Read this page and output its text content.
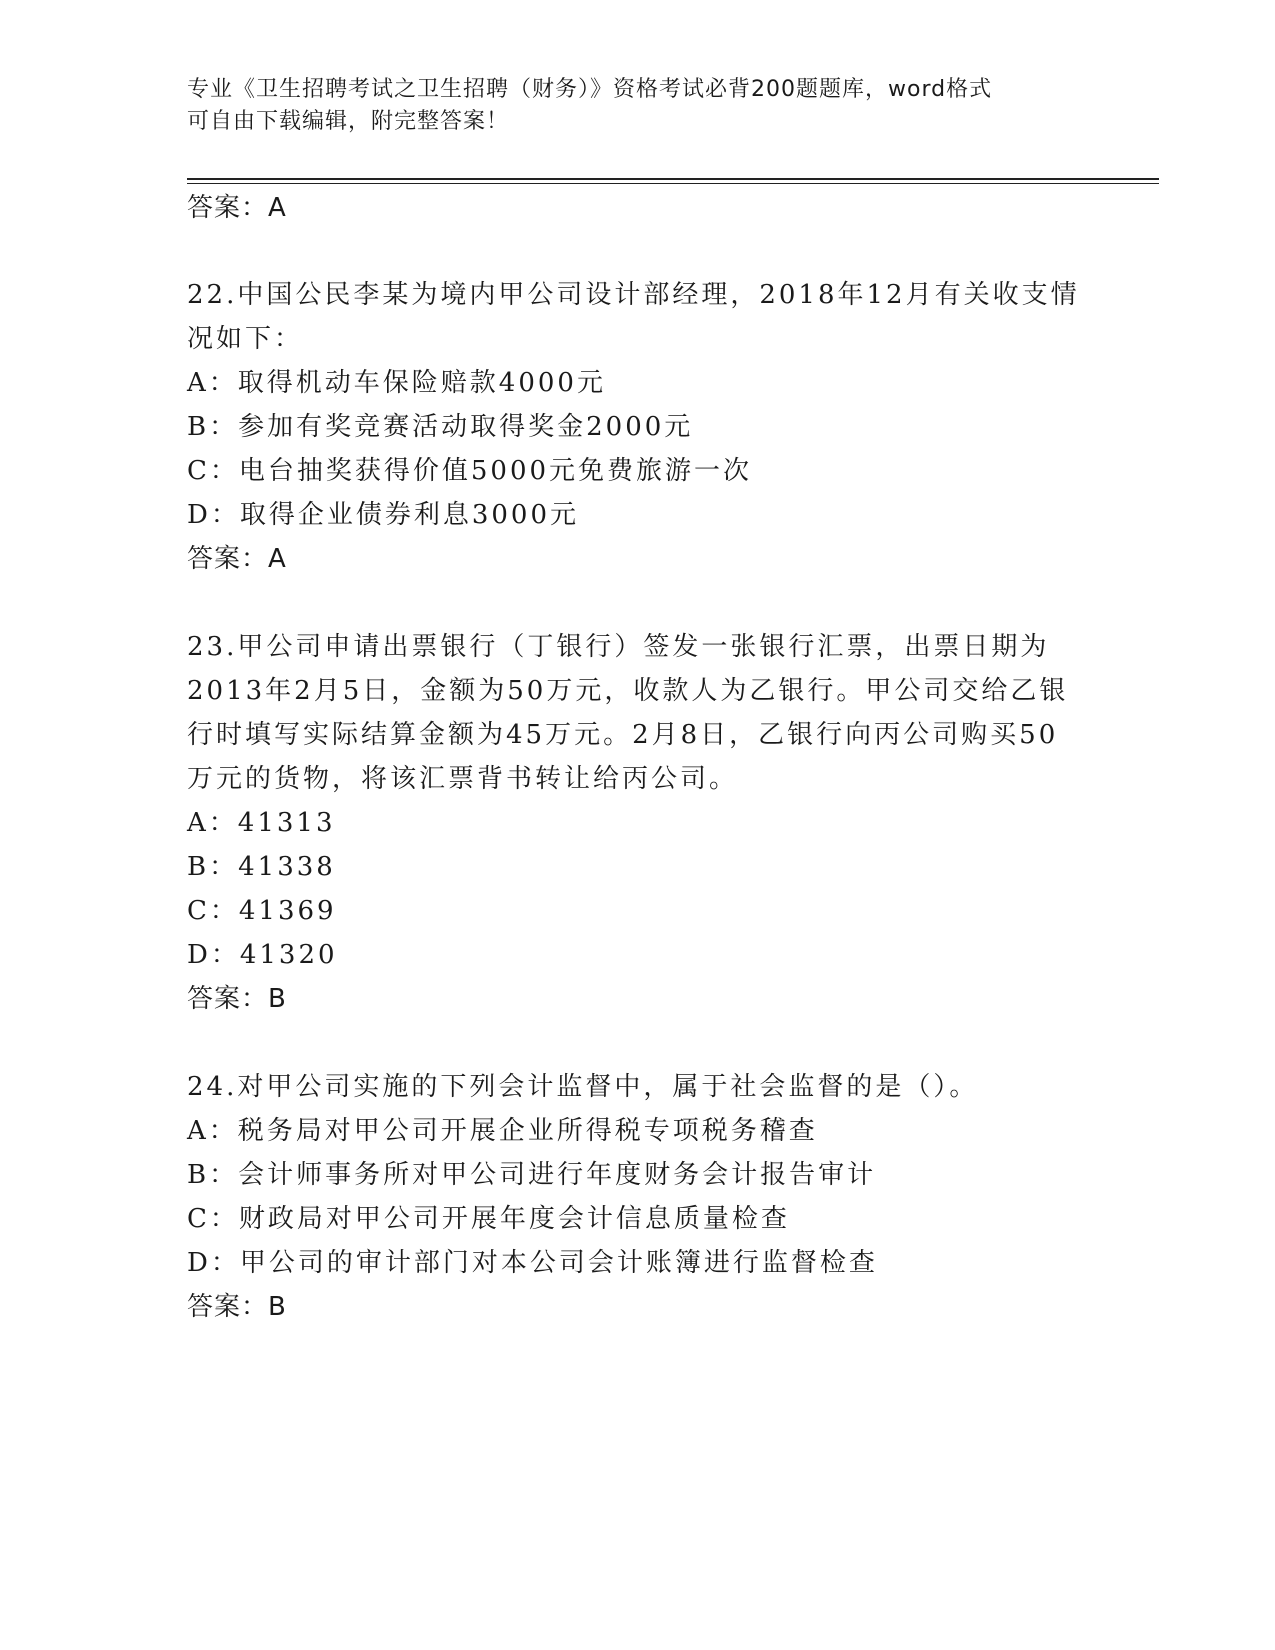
专业《卫生招聘考试之卫生招聘（财务）》资格考试必背200题题库，word格式
可自由下载编辑，附完整答案！
答案：A
22.中国公民李某为境内甲公司设计部经理，2018年12月有关收支情
况如下：
A：取得机动车保险赔款4000元
B：参加有奖竞赛活动取得奖金2000元
C：电台抽奖获得价值5000元免费旅游一次
D：取得企业债券利息3000元
答案：A
23.甲公司申请出票银行（丁银行）签发一张银行汇票，出票日期为
2013年2月5日，金额为50万元，收款人为乙银行。甲公司交给乙银
行时填写实际结算金额为45万元。2月8日，乙银行向丙公司购买50
万元的货物，将该汇票背书转让给丙公司。
A：41313
B：41338
C：41369
D：41320
答案：B
24.对甲公司实施的下列会计监督中，属于社会监督的是（）。
A：税务局对甲公司开展企业所得税专项税务稽查
B：会计师事务所对甲公司进行年度财务会计报告审计
C：财政局对甲公司开展年度会计信息质量检查
D：甲公司的审计部门对本公司会计账簿进行监督检查
答案：B
